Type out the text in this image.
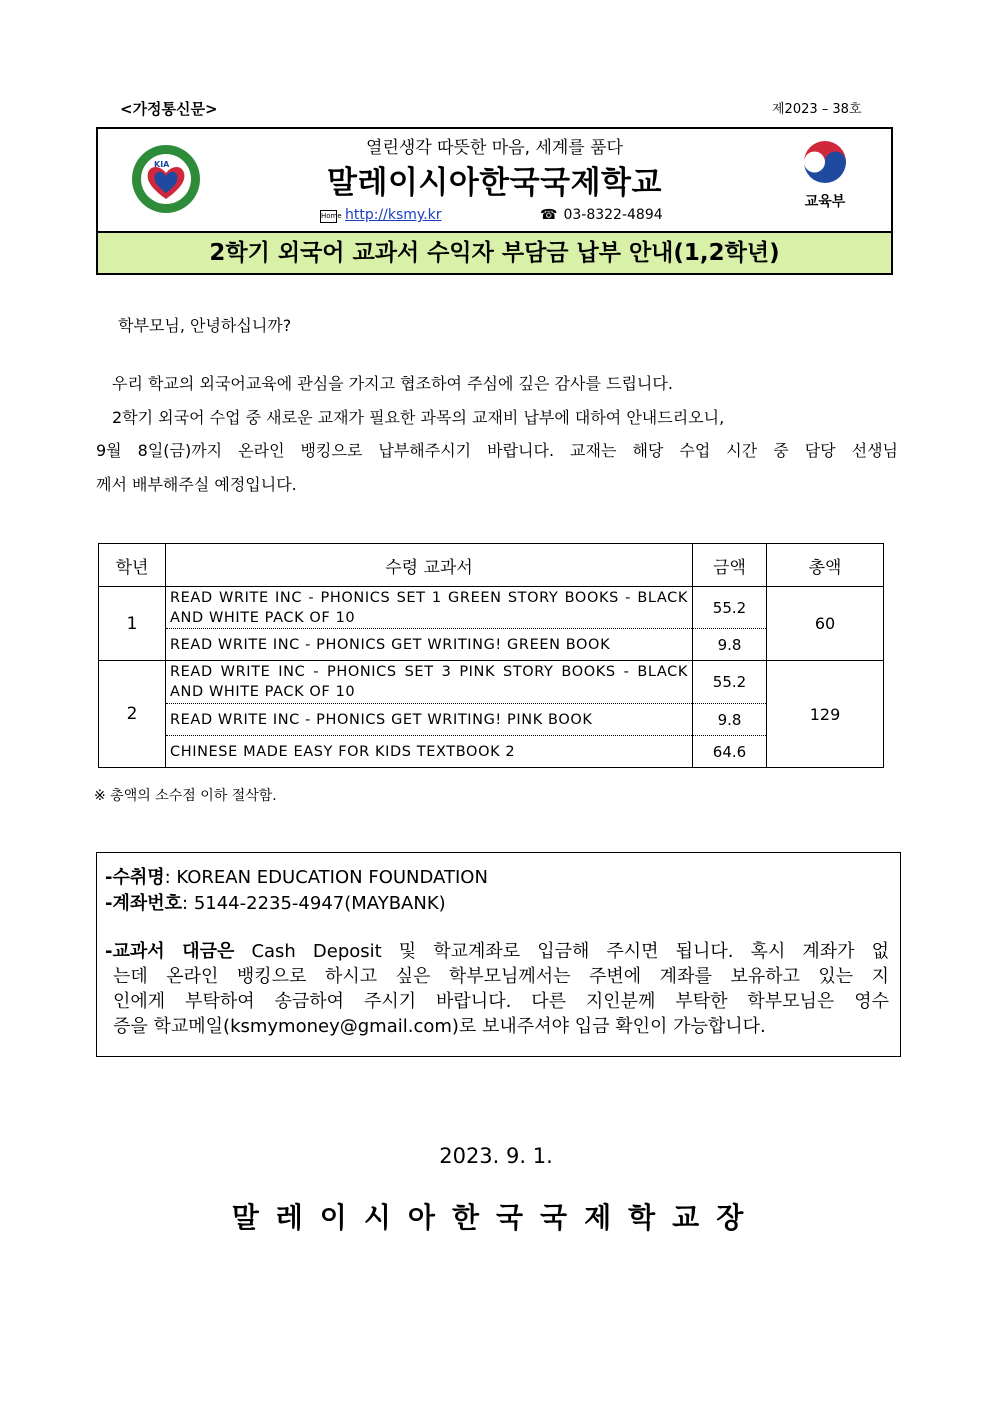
<가정통신문>	제2023 – 38호
KIA
열린생각 따뜻한 마음, 세계를 품다
말레이시아한국국제학교
Home http://ksmy.kr	☎ 03-8322-4894
교육부
2학기 외국어 교과서 수익자 부담금 납부 안내(1,2학년)
학부모님, 안녕하십니까?
우리 학교의 외국어교육에 관심을 가지고 협조하여 주심에 깊은 감사를 드립니다.
2학기 외국어 수업 중 새로운 교재가 필요한 과목의 교재비 납부에 대하여 안내드리오니,
9월 8일(금)까지 온라인 뱅킹으로 납부해주시기 바랍니다. 교재는 해당 수업 시간 중 담당 선생님
께서 배부해주실 예정입니다.
학년	수령 교과서	금액	총액
1	READ WRITE INC - PHONICS SET 1 GREEN STORY BOOKS - BLACK AND WHITE PACK OF 10	55.2	60
	READ WRITE INC - PHONICS GET WRITING! GREEN BOOK	9.8	
2	READ WRITE INC - PHONICS SET 3 PINK STORY BOOKS - BLACK AND WHITE PACK OF 10	55.2	129
	READ WRITE INC - PHONICS GET WRITING! PINK BOOK	9.8	
	CHINESE MADE EASY FOR KIDS TEXTBOOK 2	64.6	
※ 총액의 소수점 이하 절삭함.
-수취명: KOREAN EDUCATION FOUNDATION
-계좌번호: 5144-2235-4947(MAYBANK)
-교과서 대금은 Cash Deposit 및 학교계좌로 입금해 주시면 됩니다. 혹시 계좌가 없
는데 온라인 뱅킹으로 하시고 싶은 학부모님께서는 주변에 계좌를 보유하고 있는 지
인에게 부탁하여 송금하여 주시기 바랍니다. 다른 지인분께 부탁한 학부모님은 영수
증을 학교메일(ksmymoney@gmail.com)로 보내주셔야 입금 확인이 가능합니다.
2023. 9. 1.
말레이시아한국국제학교장
